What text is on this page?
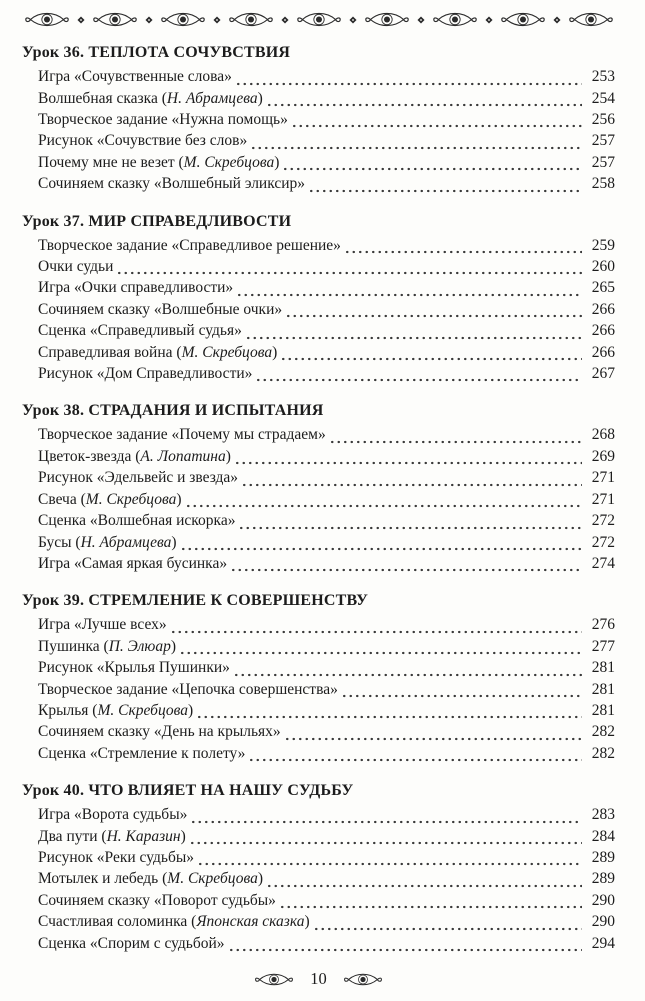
Урок 36. ТЕПЛОТА СОЧУВСТВИЯ
Игра «Сочувственные слова»	253
Волшебная сказка (Н. Абрамцева)	254
Творческое задание «Нужна помощь»	256
Рисунок «Сочувствие без слов»	257
Почему мне не везет (М. Скребцова)	257
Сочиняем сказку «Волшебный эликсир»	258
Урок 37. МИР СПРАВЕДЛИВОСТИ
Творческое задание «Справедливое решение»	259
Очки судьи	260
Игра «Очки справедливости»	265
Сочиняем сказку «Волшебные очки»	266
Сценка «Справедливый судья»	266
Справедливая война (М. Скребцова)	266
Рисунок «Дом Справедливости»	267
Урок 38. СТРАДАНИЯ И ИСПЫТАНИЯ
Творческое задание «Почему мы страдаем»	268
Цветок-звезда (А. Лопатина)	269
Рисунок «Эдельвейс и звезда»	271
Свеча (М. Скребцова)	271
Сценка «Волшебная искорка»	272
Бусы (Н. Абрамцева)	272
Игра «Самая яркая бусинка»	274
Урок 39. СТРЕМЛЕНИЕ К СОВЕРШЕНСТВУ
Игра «Лучше всех»	276
Пушинка (П. Элюар)	277
Рисунок «Крылья Пушинки»	281
Творческое задание «Цепочка совершенства»	281
Крылья (М. Скребцова)	281
Сочиняем сказку «День на крыльях»	282
Сценка «Стремление к полету»	282
Урок 40. ЧТО ВЛИЯЕТ НА НАШУ СУДЬБУ
Игра «Ворота судьбы»	283
Два пути (Н. Каразин)	284
Рисунок «Реки судьбы»	289
Мотылек и лебедь (М. Скребцова)	289
Сочиняем сказку «Поворот судьбы»	290
Счастливая соломинка (Японская сказка)	290
Сценка «Спорим с судьбой»	294
10
